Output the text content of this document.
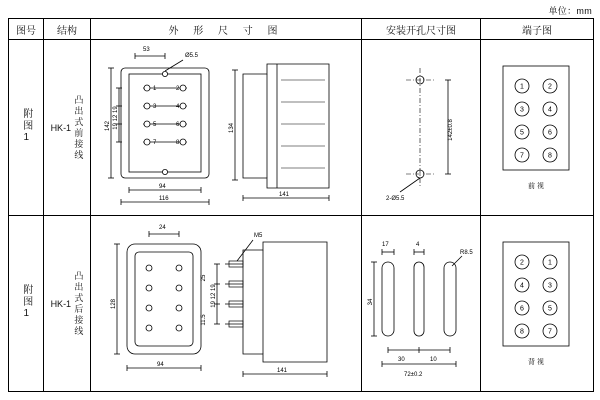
单位：mm
图号	结构	外 形 尺 寸 图	安装开孔尺寸图	端子图
附图1	HK-1 凸出式前接线

53
Ø5.5
142 19 12 19
94
116
134
141
1	2
3	4
5	6
7	8

142±0.8
2-Ø5.5

1	2
3	4
5	6
7	8
前 视

附图1	HK-1 凸出式后接线

24
128
94
M5
19 12 19
25
11.5
141

17	4
R8.5
34
30	10
72±0.2

2	1
4	3
6	5
8	7
背 视
